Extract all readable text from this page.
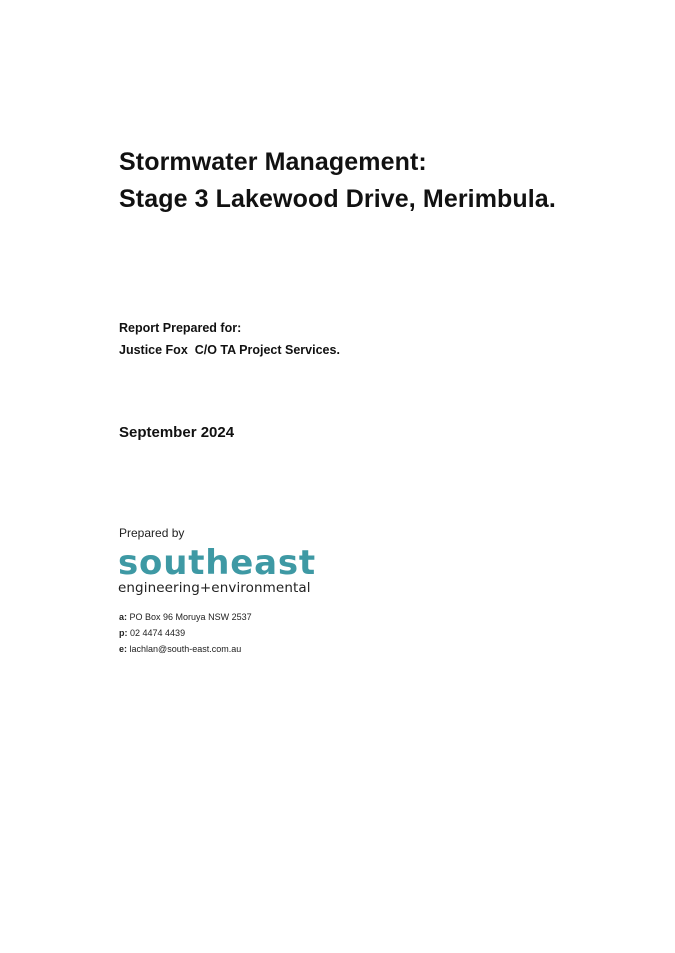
Stormwater Management:
Stage 3 Lakewood Drive, Merimbula.
Report Prepared for:
Justice Fox  C/O TA Project Services.
September 2024
Prepared by
southeast
engineering+environmental
a: PO Box 96 Moruya NSW 2537
p: 02 4474 4439
e: lachlan@south-east.com.au
